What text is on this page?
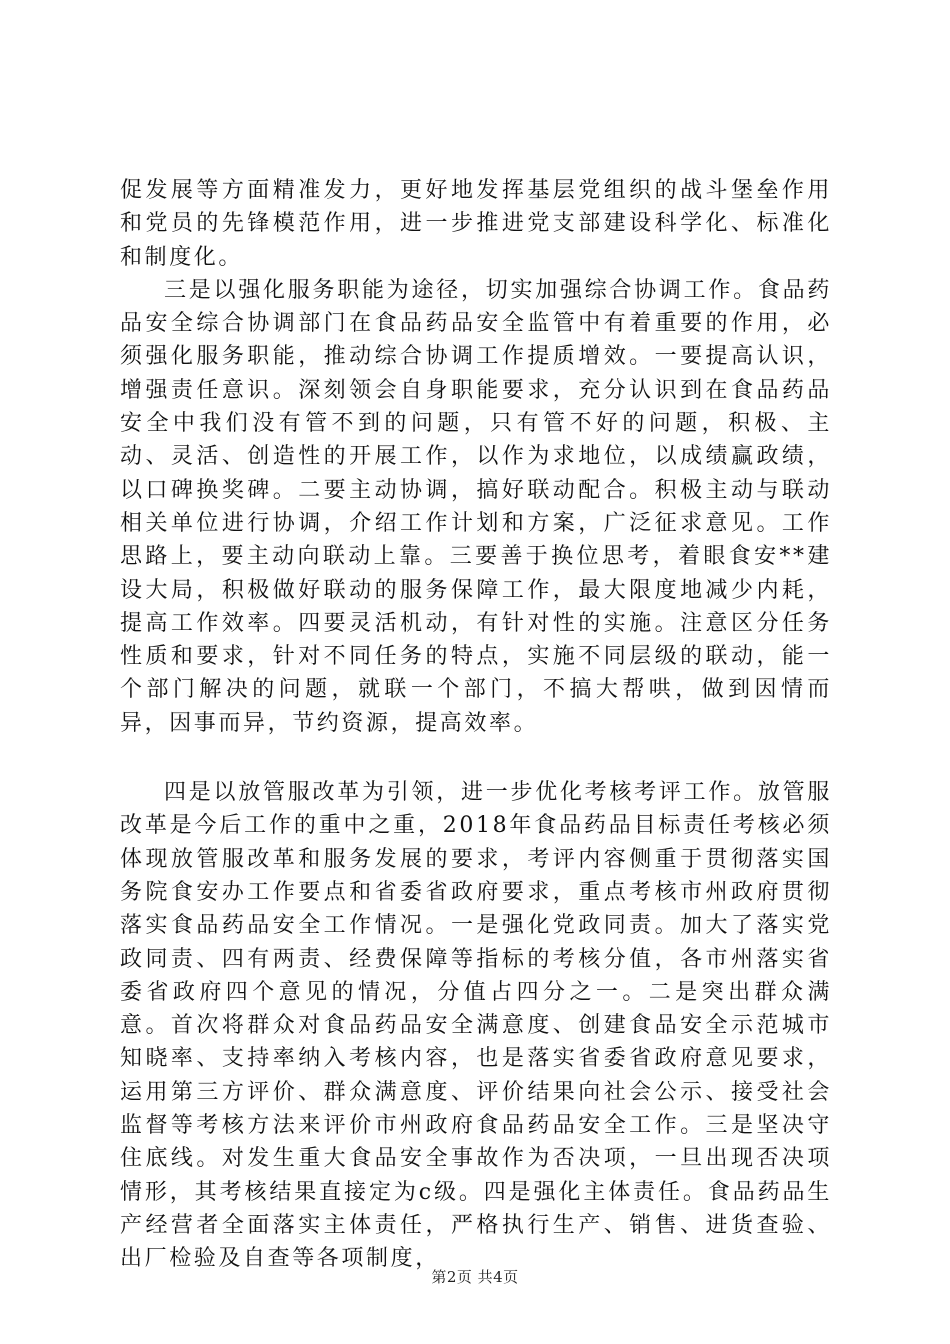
促发展等方面精准发力，更好地发挥基层党组织的战斗堡垒作用和党员的先锋模范作用，进一步推进党支部建设科学化、标准化和制度化。

三是以强化服务职能为途径，切实加强综合协调工作。食品药品安全综合协调部门在食品药品安全监管中有着重要的作用，必须强化服务职能，推动综合协调工作提质增效。一要提高认识，增强责任意识。深刻领会自身职能要求，充分认识到在食品药品安全中我们没有管不到的问题，只有管不好的问题，积极、主动、灵活、创造性的开展工作，以作为求地位，以成绩赢政绩，以口碑换奖碑。二要主动协调，搞好联动配合。积极主动与联动相关单位进行协调，介绍工作计划和方案，广泛征求意见。工作思路上，要主动向联动上靠。三要善于换位思考，着眼食安**建设大局，积极做好联动的服务保障工作，最大限度地减少内耗，提高工作效率。四要灵活机动，有针对性的实施。注意区分任务性质和要求，针对不同任务的特点，实施不同层级的联动，能一个部门解决的问题，就联一个部门，不搞大帮哄，做到因情而异，因事而异，节约资源，提高效率。

四是以放管服改革为引领，进一步优化考核考评工作。放管服改革是今后工作的重中之重，2018年食品药品目标责任考核必须体现放管服改革和服务发展的要求，考评内容侧重于贯彻落实国务院食安办工作要点和省委省政府要求，重点考核市州政府贯彻落实食品药品安全工作情况。一是强化党政同责。加大了落实党政同责、四有两责、经费保障等指标的考核分值，各市州落实省委省政府四个意见的情况，分值占四分之一。二是突出群众满意。首次将群众对食品药品安全满意度、创建食品安全示范城市知晓率、支持率纳入考核内容，也是落实省委省政府意见要求，运用第三方评价、群众满意度、评价结果向社会公示、接受社会监督等考核方法来评价市州政府食品药品安全工作。三是坚决守住底线。对发生重大食品安全事故作为否决项，一旦出现否决项情形，其考核结果直接定为c级。四是强化主体责任。食品药品生产经营者全面落实主体责任，严格执行生产、销售、进货查验、出厂检验及自查等各项制度，

第2页 共4页
